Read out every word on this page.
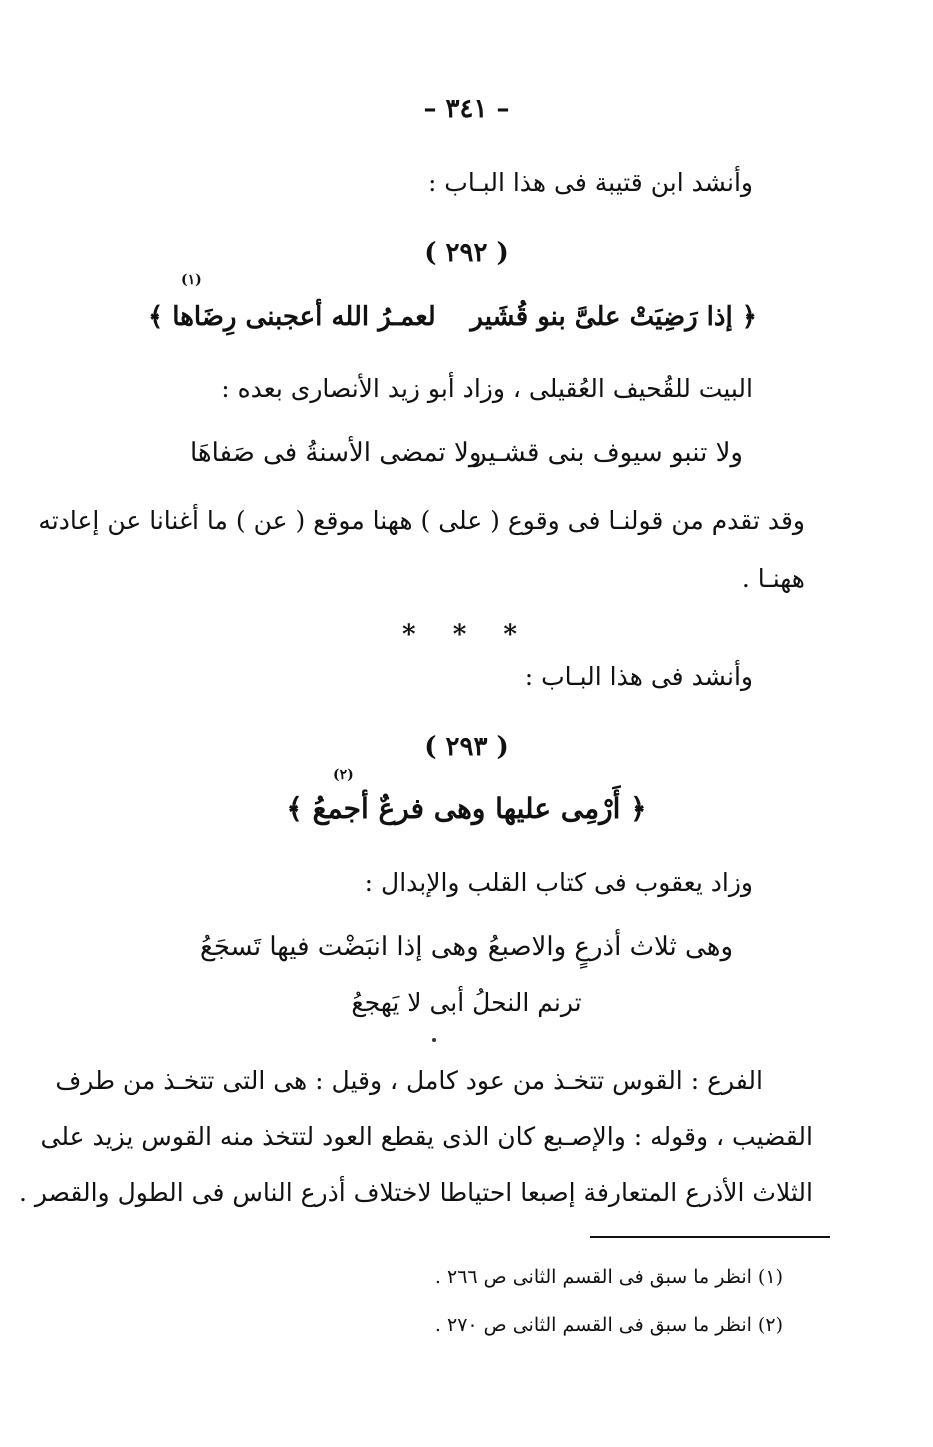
– ٣٤١ –
وأنشد ابن قتيبة فى هذا البـاب :
( ٢٩٢ )
(١)
﴿ إذا رَضِيَتْ علىَّ بنو قُشَير
لعمـرُ الله أعجبنى رِضَاها ﴾
البيت للقُحيف العُقيلى ، وزاد أبو زيد الأنصارى بعده :
ولا تنبو سيوف بنى قشـير
ولا تمضى الأسنةُ فى صَفاهَا
وقد تقدم من قولنـا فى وقوع ( على ) ههنا موقع ( عن ) ما أغنانا عن إعادته
ههنـا .
* * *
وأنشد فى هذا البـاب :
( ٢٩٣ )
(٢)
﴿ أَرْمِى عليها وهى فرعٌ أجمعُ ﴾
وزاد يعقوب فى كتاب القلب والإبدال :
وهى ثلاث أذرعٍ والاصبعُ
وهى إذا انبَضْت فيها تَسجَعُ
ترنم النحلُ أبى لا يَهجعُ
الفرع : القوس تتخـذ من عود كامل ، وقيل : هى التى تتخـذ من طرف
القضيب ، وقوله : والإصـبع كان الذى يقطع العود لتتخذ منه القوس يزيد على
الثلاث الأذرع المتعارفة إصبعا احتياطا لاختلاف أذرع الناس فى الطول والقصر .
(١) انظر ما سبق فى القسم الثانى ص ٢٦٦ .
(٢) انظر ما سبق فى القسم الثانى ص ٢٧٠ .
